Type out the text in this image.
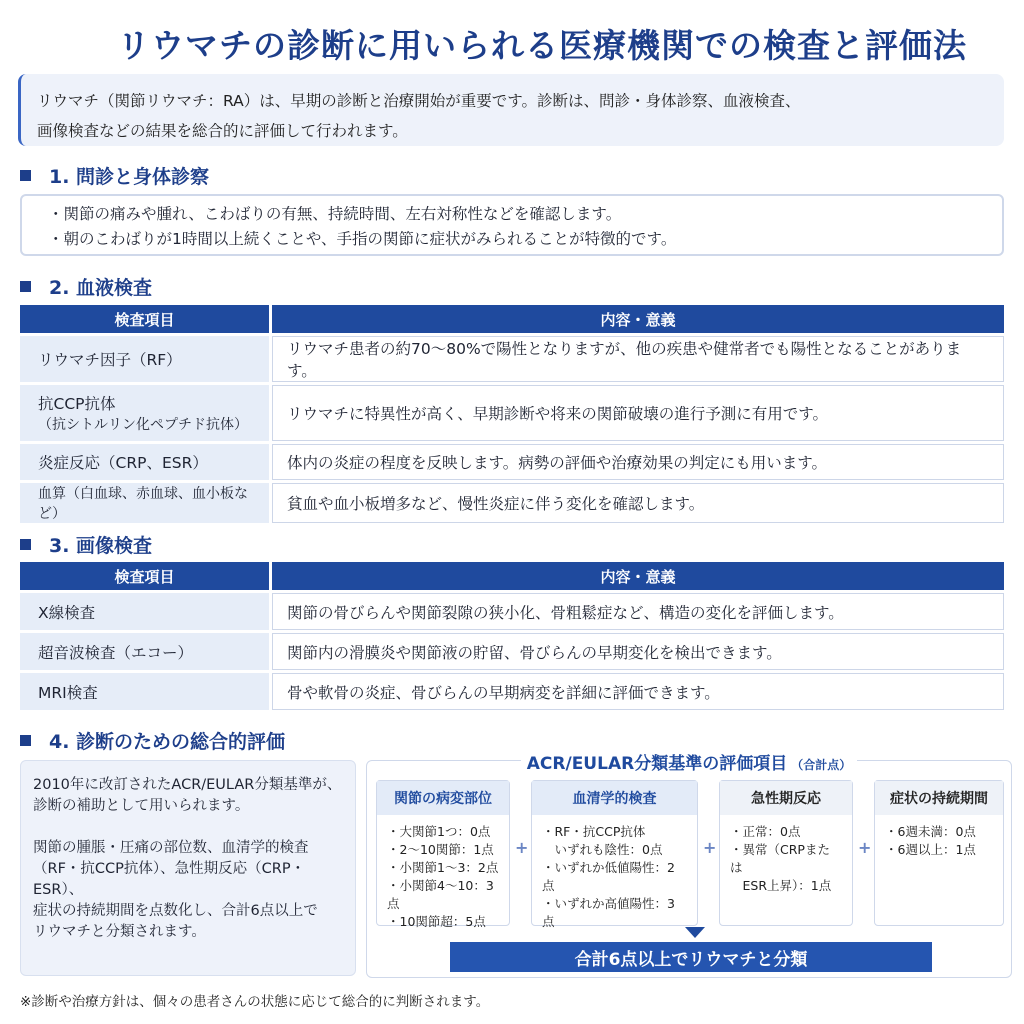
リウマチの診断に用いられる医療機関での検査と評価法
リウマチ（関節リウマチ：RA）は、早期の診断と治療開始が重要です。診断は、問診・身体診察、血液検査、
画像検査などの結果を総合的に評価して行われます。
1. 問診と身体診察
・関節の痛みや腫れ、こわばりの有無、持続時間、左右対称性などを確認します。
・朝のこわばりが1時間以上続くことや、手指の関節に症状がみられることが特徴的です。
2. 血液検査
検査項目	内容・意義
リウマチ因子（RF）	リウマチ患者の約70〜80%で陽性となりますが、他の疾患や健常者でも陽性となることがあります。

抗CCP抗体
（抗シトルリン化ペプチド抗体）	リウマチに特異性が高く、早期診断や将来の関節破壊の進行予測に有用です。
炎症反応（CRP、ESR）	体内の炎症の程度を反映します。病勢の評価や治療効果の判定にも用います。
血算（白血球、赤血球、血小板など）	貧血や血小板増多など、慢性炎症に伴う変化を確認します。
3. 画像検査
検査項目	内容・意義
X線検査	関節の骨びらんや関節裂隙の狭小化、骨粗鬆症など、構造の変化を評価します。
超音波検査（エコー）	関節内の滑膜炎や関節液の貯留、骨びらんの早期変化を検出できます。
MRI検査	骨や軟骨の炎症、骨びらんの早期病変を詳細に評価できます。
4. 診断のための総合的評価

2010年に改訂されたACR/EULAR分類基準が、
診断の補助として用いられます。

関節の腫脹・圧痛の部位数、血清学的検査
（RF・抗CCP抗体）、急性期反応（CRP・ESR）、
症状の持続期間を点数化し、合計6点以上で
リウマチと分類されます。

ACR/EULAR分類基準の評価項目 （合計点）
関節の病変部位
・大関節1つ：0点
・2〜10関節：1点
・小関節1〜3：2点
・小関節4〜10：3点
・10関節超：5点
+
血清学的検査
・RF・抗CCP抗体
　いずれも陰性：0点
・いずれか低値陽性：2点
・いずれか高値陽性：3点
+
急性期反応
・正常：0点
・異常（CRPまたは
　ESR上昇）：1点
+
症状の持続期間
・6週未満：0点
・6週以上：1点
合計6点以上でリウマチと分類
※診断や治療方針は、個々の患者さんの状態に応じて総合的に判断されます。
